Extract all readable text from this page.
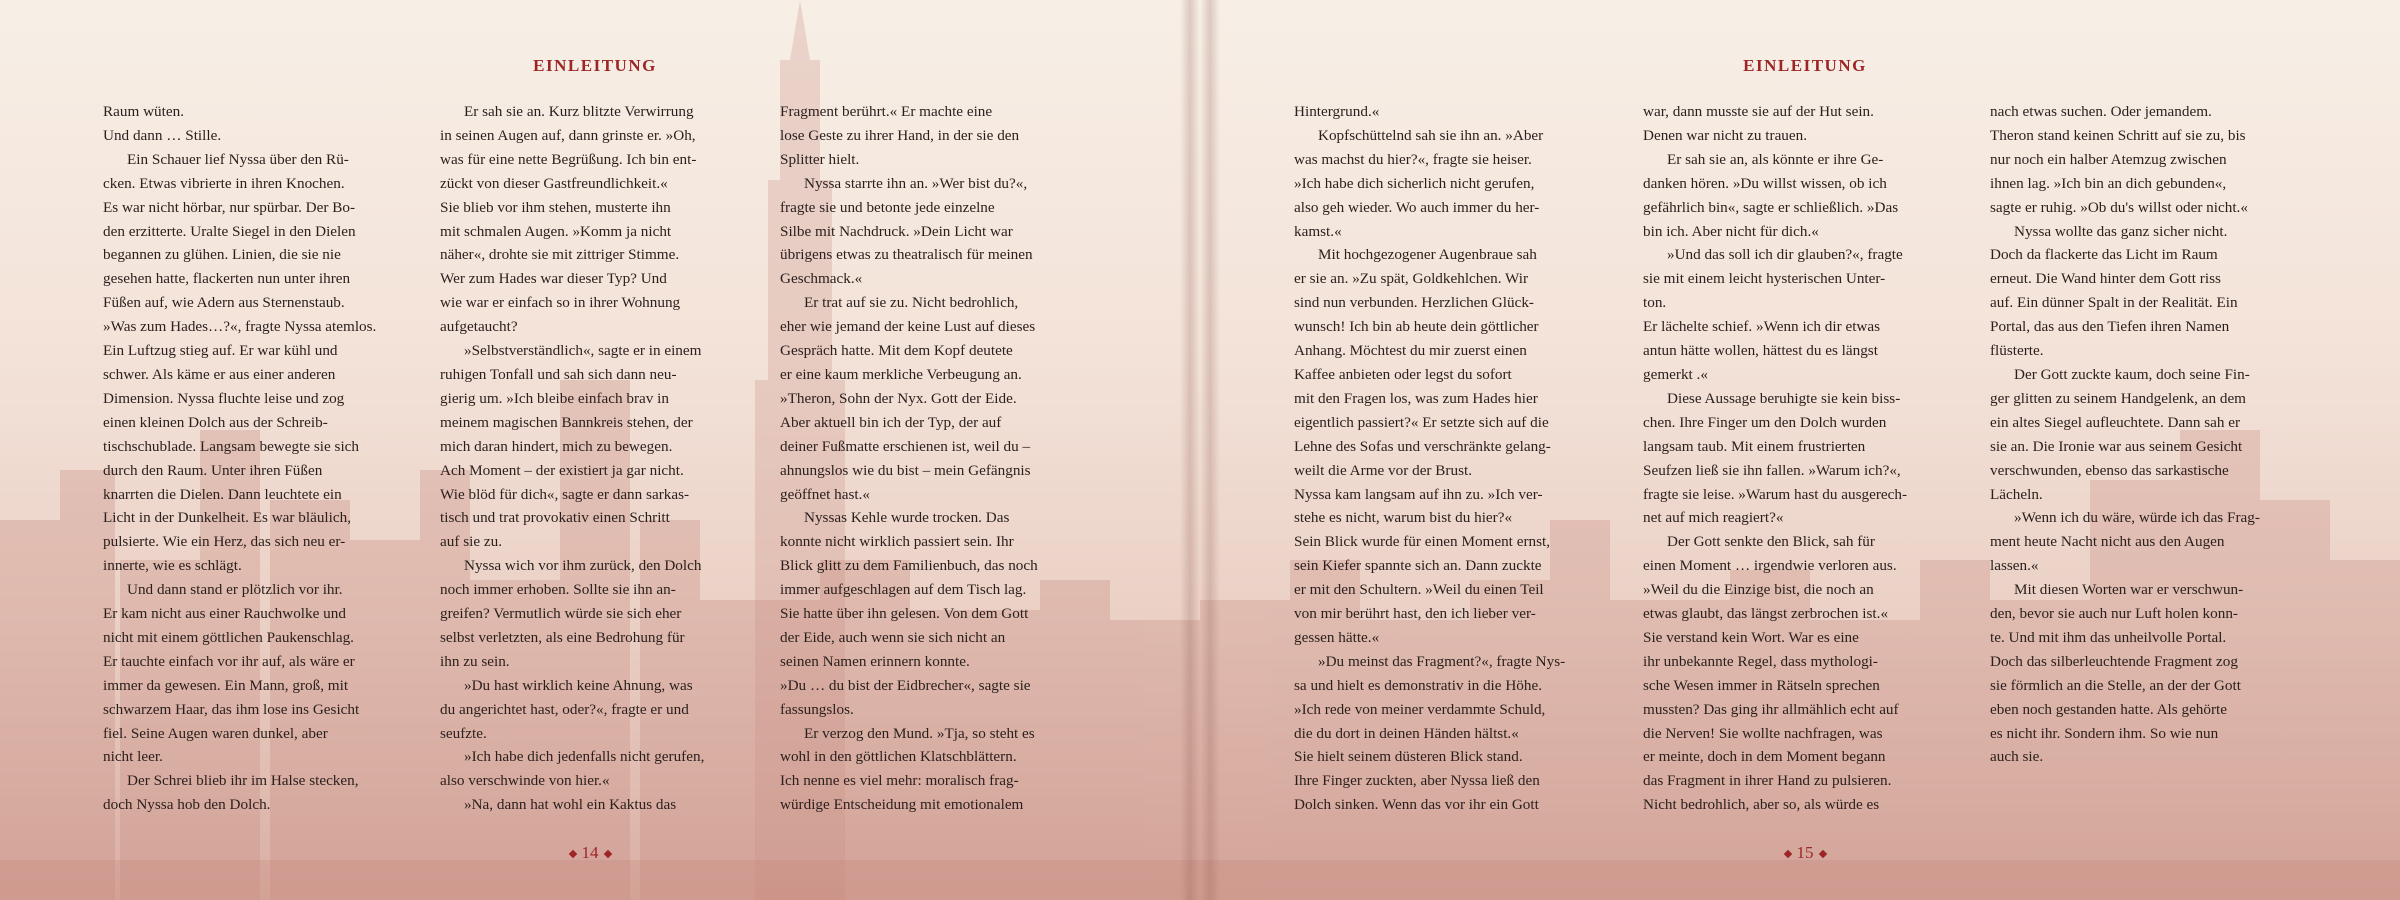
EINLEITUNG

Raum wüten.

Und dann … Stille.

Ein Schauer lief Nyssa über den Rü-

cken. Etwas vibrierte in ihren Knochen.

Es war nicht hörbar, nur spürbar. Der Bo-

den erzitterte. Uralte Siegel in den Dielen

begannen zu glühen. Linien, die sie nie

gesehen hatte, flackerten nun unter ihren

Füßen auf, wie Adern aus Sternenstaub.

»Was zum Hades…?«, fragte Nyssa atemlos.

Ein Luftzug stieg auf. Er war kühl und

schwer. Als käme er aus einer anderen

Dimension. Nyssa fluchte leise und zog

einen kleinen Dolch aus der Schreib-

tischschublade. Langsam bewegte sie sich

durch den Raum. Unter ihren Füßen

knarrten die Dielen. Dann leuchtete ein

Licht in der Dunkelheit. Es war bläulich,

pulsierte. Wie ein Herz, das sich neu er-

innerte, wie es schlägt.

Und dann stand er plötzlich vor ihr.

Er kam nicht aus einer Rauchwolke und

nicht mit einem göttlichen Paukenschlag.

Er tauchte einfach vor ihr auf, als wäre er

immer da gewesen. Ein Mann, groß, mit

schwarzem Haar, das ihm lose ins Gesicht

fiel. Seine Augen waren dunkel, aber

nicht leer.

Der Schrei blieb ihr im Halse stecken,

doch Nyssa hob den Dolch.

Er sah sie an. Kurz blitzte Verwirrung

in seinen Augen auf, dann grinste er. »Oh,

was für eine nette Begrüßung. Ich bin ent-

zückt von dieser Gastfreundlichkeit.«

Sie blieb vor ihm stehen, musterte ihn

mit schmalen Augen. »Komm ja nicht

näher«, drohte sie mit zittriger Stimme.

Wer zum Hades war dieser Typ? Und

wie war er einfach so in ihrer Wohnung

aufgetaucht?

»Selbstverständlich«, sagte er in einem

ruhigen Tonfall und sah sich dann neu-

gierig um. »Ich bleibe einfach brav in

meinem magischen Bannkreis stehen, der

mich daran hindert, mich zu bewegen.

Ach Moment – der existiert ja gar nicht.

Wie blöd für dich«, sagte er dann sarkas-

tisch und trat provokativ einen Schritt

auf sie zu.

Nyssa wich vor ihm zurück, den Dolch

noch immer erhoben. Sollte sie ihn an-

greifen? Vermutlich würde sie sich eher

selbst verletzten, als eine Bedrohung für

ihn zu sein.

»Du hast wirklich keine Ahnung, was

du angerichtet hast, oder?«, fragte er und

seufzte.

»Ich habe dich jedenfalls nicht gerufen,

also verschwinde von hier.«

»Na, dann hat wohl ein Kaktus das

Fragment berührt.« Er machte eine

lose Geste zu ihrer Hand, in der sie den

Splitter hielt.

Nyssa starrte ihn an. »Wer bist du?«,

fragte sie und betonte jede einzelne

Silbe mit Nachdruck. »Dein Licht war

übrigens etwas zu theatralisch für meinen

Geschmack.«

Er trat auf sie zu. Nicht bedrohlich,

eher wie jemand der keine Lust auf dieses

Gespräch hatte. Mit dem Kopf deutete

er eine kaum merkliche Verbeugung an.

»Theron, Sohn der Nyx. Gott der Eide.

Aber aktuell bin ich der Typ, der auf

deiner Fußmatte erschienen ist, weil du –

ahnungslos wie du bist – mein Gefängnis

geöffnet hast.«

Nyssas Kehle wurde trocken. Das

konnte nicht wirklich passiert sein. Ihr

Blick glitt zu dem Familienbuch, das noch

immer aufgeschlagen auf dem Tisch lag.

Sie hatte über ihn gelesen. Von dem Gott

der Eide, auch wenn sie sich nicht an

seinen Namen erinnern konnte.

»Du … du bist der Eidbrecher«, sagte sie

fassungslos.

Er verzog den Mund. »Tja, so steht es

wohl in den göttlichen Klatschblättern.

Ich nenne es viel mehr: moralisch frag-

würdige Entscheidung mit emotionalem

14
EINLEITUNG

Hintergrund.«

Kopfschüttelnd sah sie ihn an. »Aber

was machst du hier?«, fragte sie heiser.

»Ich habe dich sicherlich nicht gerufen,

also geh wieder. Wo auch immer du her-

kamst.«

Mit hochgezogener Augenbraue sah

er sie an. »Zu spät, Goldkehlchen. Wir

sind nun verbunden. Herzlichen Glück-

wunsch! Ich bin ab heute dein göttlicher

Anhang. Möchtest du mir zuerst einen

Kaffee anbieten oder legst du sofort

mit den Fragen los, was zum Hades hier

eigentlich passiert?« Er setzte sich auf die

Lehne des Sofas und verschränkte gelang-

weilt die Arme vor der Brust.

Nyssa kam langsam auf ihn zu. »Ich ver-

stehe es nicht, warum bist du hier?«

Sein Blick wurde für einen Moment ernst,

sein Kiefer spannte sich an. Dann zuckte

er mit den Schultern. »Weil du einen Teil

von mir berührt hast, den ich lieber ver-

gessen hätte.«

»Du meinst das Fragment?«, fragte Nys-

sa und hielt es demonstrativ in die Höhe.

»Ich rede von meiner verdammte Schuld,

die du dort in deinen Händen hältst.«

Sie hielt seinem düsteren Blick stand.

Ihre Finger zuckten, aber Nyssa ließ den

Dolch sinken. Wenn das vor ihr ein Gott

war, dann musste sie auf der Hut sein.

Denen war nicht zu trauen.

Er sah sie an, als könnte er ihre Ge-

danken hören. »Du willst wissen, ob ich

gefährlich bin«, sagte er schließlich. »Das

bin ich. Aber nicht für dich.«

»Und das soll ich dir glauben?«, fragte

sie mit einem leicht hysterischen Unter-

ton.

Er lächelte schief. »Wenn ich dir etwas

antun hätte wollen, hättest du es längst

gemerkt .«

Diese Aussage beruhigte sie kein biss-

chen. Ihre Finger um den Dolch wurden

langsam taub. Mit einem frustrierten

Seufzen ließ sie ihn fallen. »Warum ich?«,

fragte sie leise. »Warum hast du ausgerech-

net auf mich reagiert?«

Der Gott senkte den Blick, sah für

einen Moment … irgendwie verloren aus.

»Weil du die Einzige bist, die noch an

etwas glaubt, das längst zerbrochen ist.«

Sie verstand kein Wort. War es eine

ihr unbekannte Regel, dass mythologi-

sche Wesen immer in Rätseln sprechen

mussten? Das ging ihr allmählich echt auf

die Nerven! Sie wollte nachfragen, was

er meinte, doch in dem Moment begann

das Fragment in ihrer Hand zu pulsieren.

Nicht bedrohlich, aber so, als würde es

nach etwas suchen. Oder jemandem.

Theron stand keinen Schritt auf sie zu, bis

nur noch ein halber Atemzug zwischen

ihnen lag. »Ich bin an dich gebunden«,

sagte er ruhig. »Ob du's willst oder nicht.«

Nyssa wollte das ganz sicher nicht.

Doch da flackerte das Licht im Raum

erneut. Die Wand hinter dem Gott riss

auf. Ein dünner Spalt in der Realität. Ein

Portal, das aus den Tiefen ihren Namen

flüsterte.

Der Gott zuckte kaum, doch seine Fin-

ger glitten zu seinem Handgelenk, an dem

ein altes Siegel aufleuchtete. Dann sah er

sie an. Die Ironie war aus seinem Gesicht

verschwunden, ebenso das sarkastische

Lächeln.

»Wenn ich du wäre, würde ich das Frag-

ment heute Nacht nicht aus den Augen

lassen.«

Mit diesen Worten war er verschwun-

den, bevor sie auch nur Luft holen konn-

te. Und mit ihm das unheilvolle Portal.

Doch das silberleuchtende Fragment zog

sie förmlich an die Stelle, an der der Gott

eben noch gestanden hatte. Als gehörte

es nicht ihr. Sondern ihm. So wie nun

auch sie.

15
